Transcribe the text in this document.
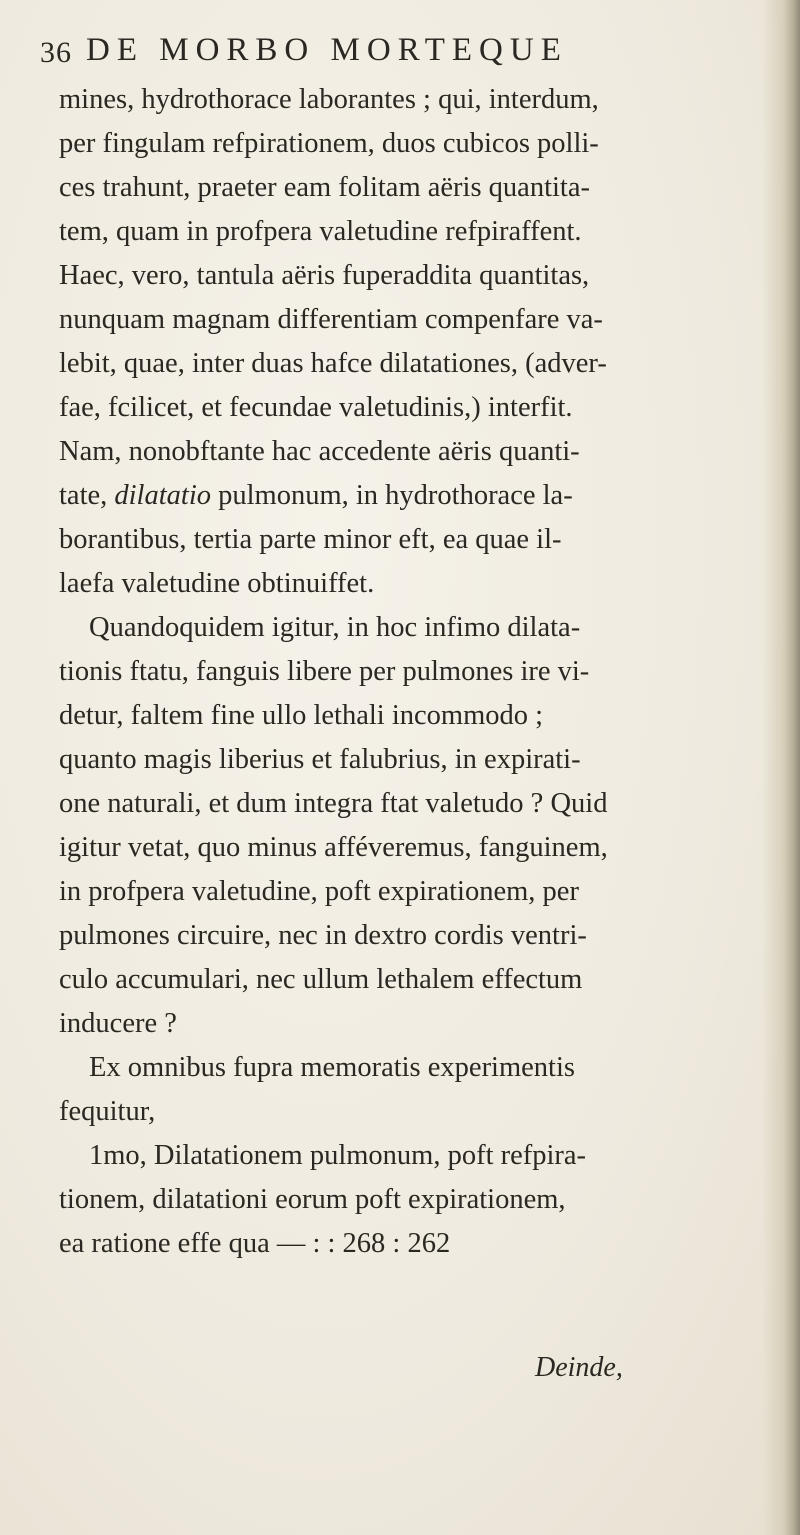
36 DE MORBO MORTEQUE
mines, hydrothorace laborantes ; qui, interdum,
per fingulam refpirationem, duos cubicos polli-
ces trahunt, praeter eam folitam aëris quantita-
tem, quam in profpera valetudine refpiraffent.
Haec, vero, tantula aëris fuperaddita quantitas,
nunquam magnam differentiam compenfare va-
lebit, quae, inter duas hafce dilatationes, (adver-
fae, fcilicet, et fecundae valetudinis,) interfit.
Nam, nonobftante hac accedente aëris quanti-
tate, dilatatio pulmonum, in hydrothorace la-
borantibus, tertia parte minor eft, ea quae il-
laefa valetudine obtinuiffet.
Quandoquidem igitur, in hoc infimo dilata-
tionis ftatu, fanguis libere per pulmones ire vi-
detur, faltem fine ullo lethali incommodo ;
quanto magis liberius et falubrius, in expirati-
one naturali, et dum integra ftat valetudo ? Quid
igitur vetat, quo minus afféveremus, fanguinem,
in profpera valetudine, poft expirationem, per
pulmones circuire, nec in dextro cordis ventri-
culo accumulari, nec ullum lethalem effectum
inducere ?
Ex omnibus fupra memoratis experimentis
fequitur,
1mo, Dilatationem pulmonum, poft refpira-
tionem, dilatationi eorum poft expirationem,
ea ratione effe qua — : : 268 : 262
Deinde,
